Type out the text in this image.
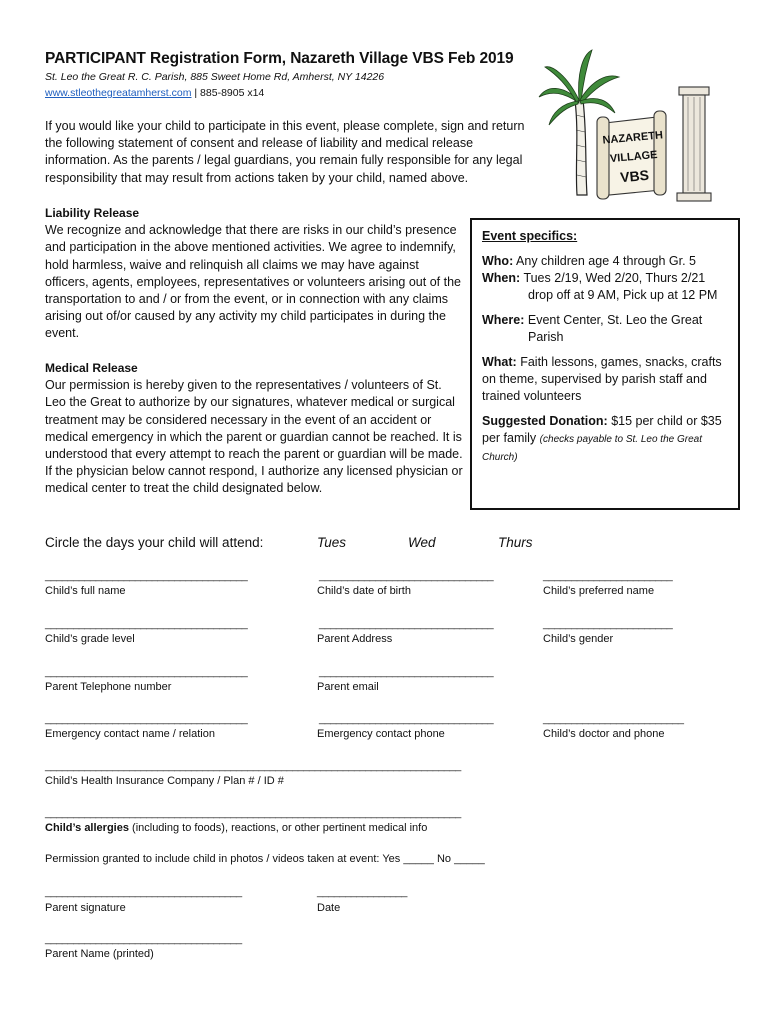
PARTICIPANT Registration Form, Nazareth Village VBS Feb 2019
St. Leo the Great R. C. Parish, 885 Sweet Home Rd, Amherst, NY 14226
www.stleothegreatamherst.com | 885-8905 x14
NAZARETH
VILLAGE
VBS
If you would like your child to participate in this event, please complete, sign and return the following statement of consent and release of liability and medical release information. As the parents / legal guardians, you remain fully responsible for any legal responsibility that may result from actions taken by your child, named above.
Liability Release
We recognize and acknowledge that there are risks in our child’s presence and participation in the above mentioned activities. We agree to indemnify, hold harmless, waive and relinquish all claims we may have against officers, agents, employees, representatives or volunteers arising out of the transportation to and / or from the event, or in connection with any claims arising out of/or caused by any activity my child participates in during the event.
Medical Release
Our permission is hereby given to the representatives / volunteers of St. Leo the Great to authorize by our signatures, whatever medical or surgical treatment may be considered necessary in the event of an accident or medical emergency in which the parent or guardian cannot be reached. It is understood that every attempt to reach the parent or guardian will be made. If the physician below cannot respond, I authorize any licensed physician or medical center to treat the child designated below.
Event specifics:
Who: Any children age 4 through Gr. 5
When: Tues 2/19, Wed 2/20, Thurs 2/21
drop off at 9 AM, Pick up at 12 PM
Where: Event Center, St. Leo the Great
Parish
What: Faith lessons, games, snacks, crafts on theme, supervised by parish staff and trained volunteers
Suggested Donation: $15 per child or $35 per family (checks payable to St. Leo the Great Church)
Circle the days your child will attend:	Tues	Wed	Thurs
____________________________________	_______________________________	_______________________
Child’s full name	Child’s date of birth	Child’s preferred name
____________________________________	_______________________________	_______________________
Child’s grade level	Parent Address	Child’s gender
____________________________________	_______________________________
Parent Telephone number	Parent email
____________________________________	_______________________________	_________________________
Emergency contact name / relation	Emergency contact phone	Child’s doctor and phone
__________________________________________________________________________
Child’s Health Insurance Company / Plan # / ID #
__________________________________________________________________________
Child’s allergies (including to foods), reactions, or other pertinent medical info
Permission granted to include child in photos / videos taken at event: Yes _____ No _____
___________________________________	________________
Parent signature	Date
___________________________________
Parent Name (printed)
